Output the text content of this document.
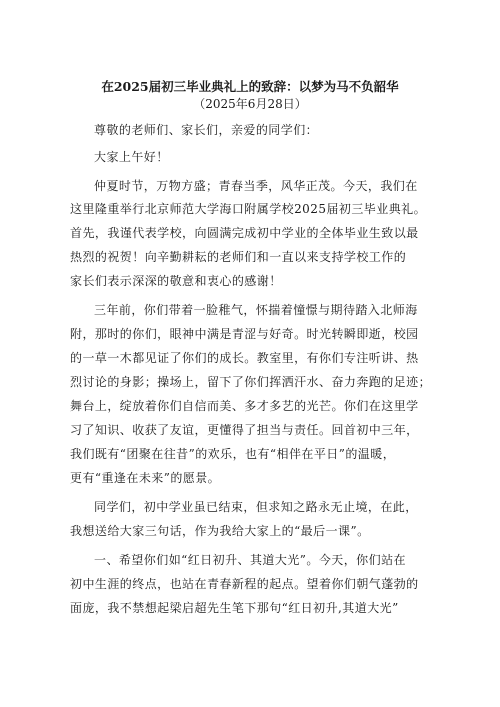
在2025届初三毕业典礼上的致辞：以梦为马不负韶华
（2025年6月28日）
尊敬的老师们、家长们，亲爱的同学们：
大家上午好！
仲夏时节，万物方盛；青春当季，风华正茂。今天，我们在
这里隆重举行北京师范大学海口附属学校2025届初三毕业典礼。
首先，我谨代表学校，向圆满完成初中学业的全体毕业生致以最
热烈的祝贺！向辛勤耕耘的老师们和一直以来支持学校工作的
家长们表示深深的敬意和衷心的感谢！
三年前，你们带着一脸稚气，怀揣着憧憬与期待踏入北师海
附，那时的你们，眼神中满是青涩与好奇。时光转瞬即逝，校园
的一草一木都见证了你们的成长。教室里，有你们专注听讲、热
烈讨论的身影；操场上，留下了你们挥洒汗水、奋力奔跑的足迹；
舞台上，绽放着你们自信而美、多才多艺的光芒。你们在这里学
习了知识、收获了友谊，更懂得了担当与责任。回首初中三年，
我们既有“团聚在往昔”的欢乐，也有“相伴在平日”的温暖，
更有“重逢在未来”的愿景。
同学们，初中学业虽已结束，但求知之路永无止境，在此，
我想送给大家三句话，作为我给大家上的“最后一课”。
一、希望你们如“红日初升、其道大光”。今天，你们站在
初中生涯的终点，也站在青春新程的起点。望着你们朝气蓬勃的
面庞，我不禁想起梁启超先生笔下那句“红日初升,其道大光”
